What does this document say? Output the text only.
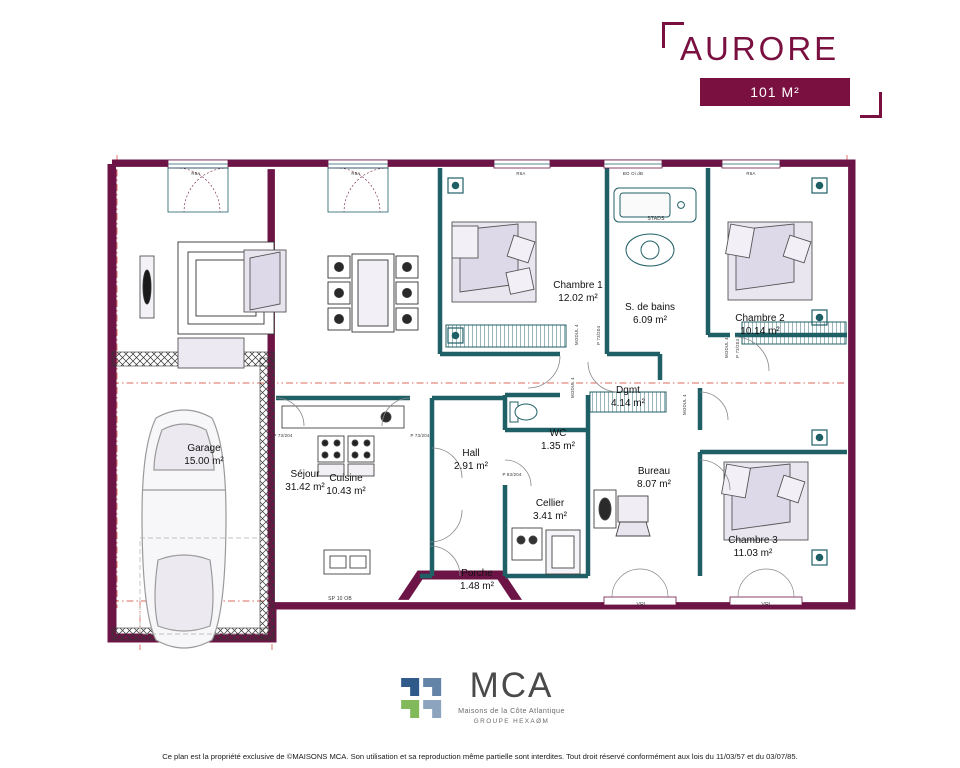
AURORE
101 M²
Séjour
31.42 m²
Chambre 1
12.02 m²
S. de bains
6.09 m²	Chambre 2
10.14 m²
Dgmt
4.14 m²
WC
1.35 m²
Bureau
8.07 m²
Chambre 3
11.03 m²
Garage
15.00 m²
Cuisine
10.43 m²
Hall
2.91 m²
Cellier
3.41 m²
Porche
1.48 m²
R6A	R6A	R6A	BO Oi dB	R6A
P 73/204	P 73/204
P 83/204
SP 10 OB
VRI	VRI
P 73/204
MODUL 4
P 73/204
MODUL 4
MODUL 4
MODUL 4
STADS
MCA
Maisons de la Côte Atlantique
GROUPE HEXAØM
Ce plan est la propriété exclusive de ©MAISONS MCA. Son utilisation et sa reproduction même partielle sont interdites. Tout droit réservé conformément aux lois du 11/03/57 et du 03/07/85.
